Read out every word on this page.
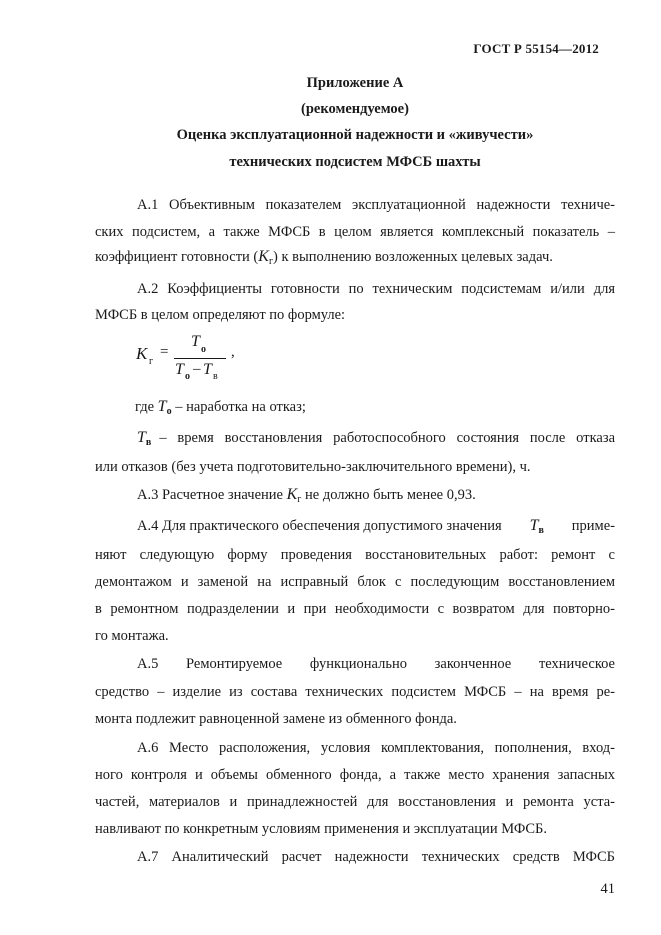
ГОСТ Р 55154—2012
Приложение А
(рекомендуемое)
Оценка эксплуатационной надежности и «живучести»
технических подсистем МФСБ шахты
А.1 Объективным показателем эксплуатационной надежности техниче-
ских подсистем, а также МФСБ в целом является комплексный показатель –
коэффициент готовности $(K_г)$ к выполнению возложенных целевых задач.
А.2 Коэффициенты готовности по техническим подсистемам и/или для
МФСБ в целом определяют по формуле:
K г
=
T о
T о – T в
,
где $T_о$ – наработка на отказ;
$T_в$ – время восстановления работоспособного состояния после отказа
или отказов (без учета подготовительно-заключительного времени), ч.
А.3 Расчетное значение $K_г$ не должно быть менее 0,93.
А.4 Для практического обеспечения допустимого значения $T_в$ приме-
няют следующую форму проведения восстановительных работ: ремонт с
демонтажом и заменой на исправный блок с последующим восстановлением
в ремонтном подразделении и при необходимости с возвратом для повторно-
го монтажа.
А.5 Ремонтируемое функционально законченное техническое
средство – изделие из состава технических подсистем МФСБ – на время ре-
монта подлежит равноценной замене из обменного фонда.
А.6 Место расположения, условия комплектования, пополнения, вход-
ного контроля и объемы обменного фонда, а также место хранения запасных
частей, материалов и принадлежностей для восстановления и ремонта уста-
навливают по конкретным условиям применения и эксплуатации МФСБ.
А.7 Аналитический расчет надежности технических средств МФСБ
41
